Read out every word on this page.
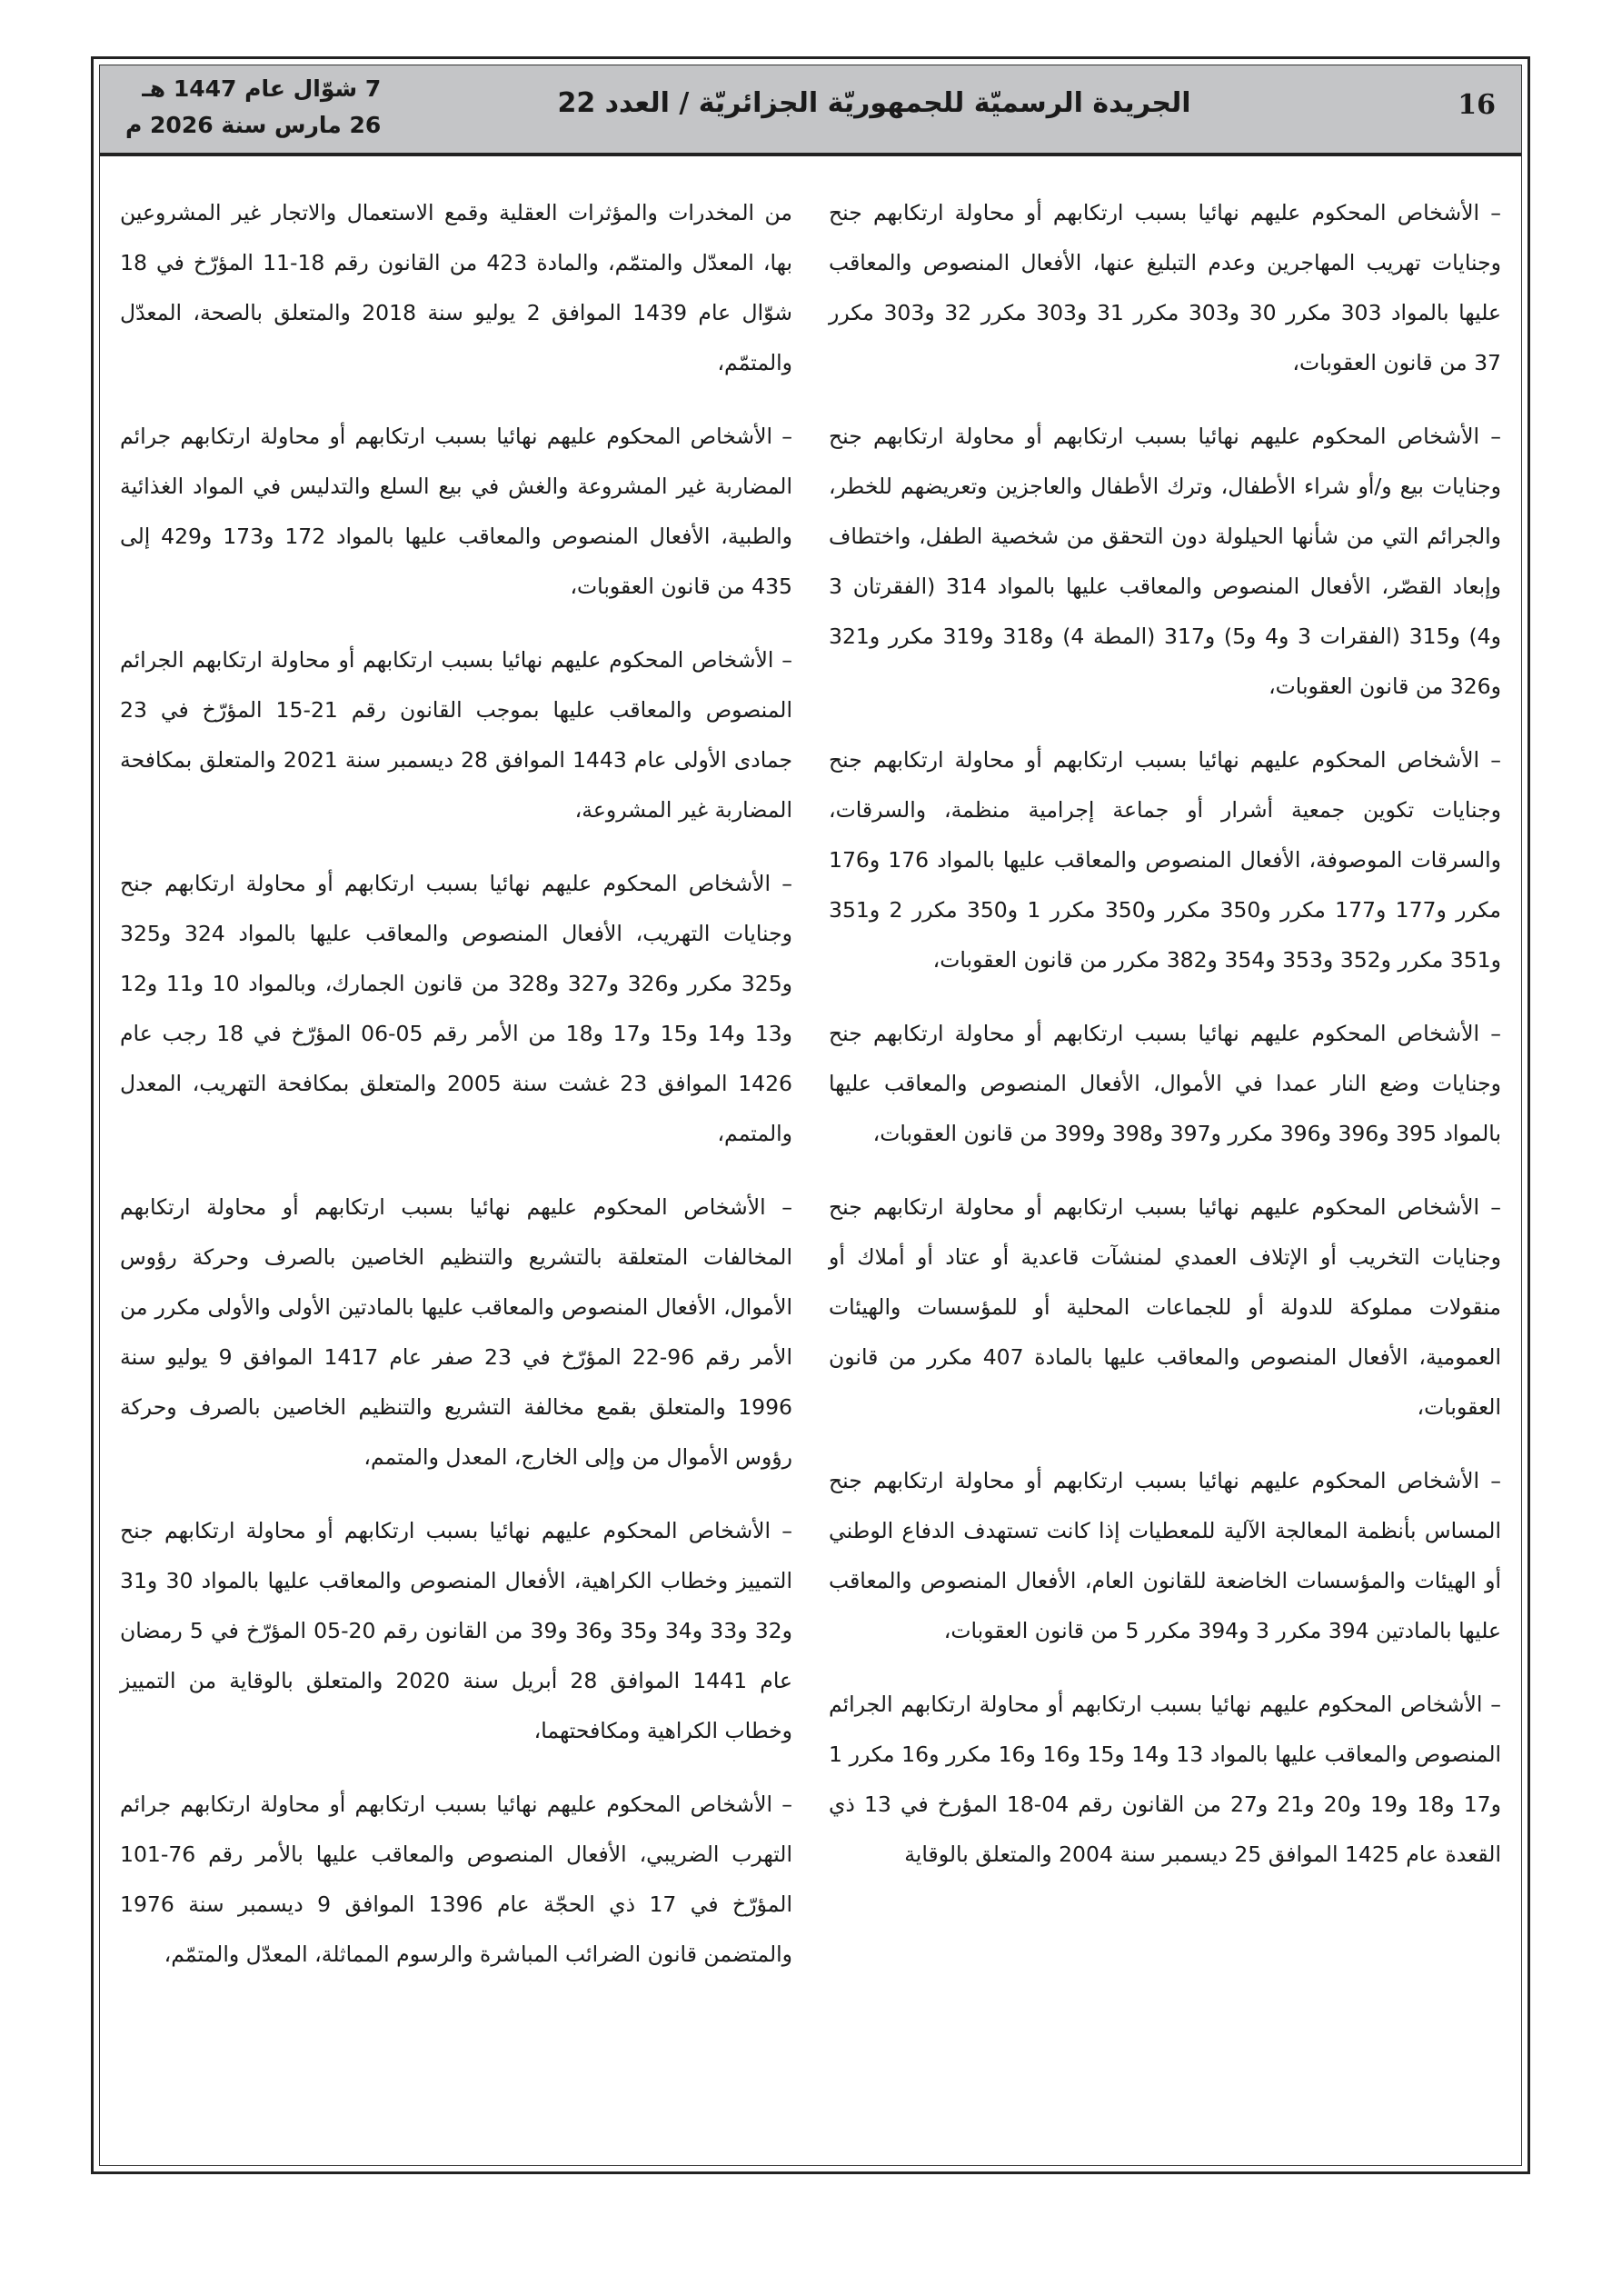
16
الجريدة الرسميّة للجمهوريّة الجزائريّة / العدد 22
7 شوّال عام 1447 هـ
26 مارس سنة 2026 م

– الأشخاص المحكوم عليهم نهائيا بسبب ارتكابهم أو محاولة ارتكابهم جنح وجنايات تهريب المهاجرين وعدم التبليغ عنها، الأفعال المنصوص والمعاقب عليها بالمواد 303 مكرر 30 و303 مكرر 31 و303 مكرر 32 و303 مكرر 37 من قانون العقوبات،

– الأشخاص المحكوم عليهم نهائيا بسبب ارتكابهم أو محاولة ارتكابهم جنح وجنايات بيع و/أو شراء الأطفال، وترك الأطفال والعاجزين وتعريضهم للخطر، والجرائم التي من شأنها الحيلولة دون التحقق من شخصية الطفل، واختطاف وإبعاد القصّر، الأفعال المنصوص والمعاقب عليها بالمواد 314 (الفقرتان 3 و4) و315 (الفقرات 3 و4 و5) و317 (المطة 4) و318 و319 مكرر و321 و326 من قانون العقوبات،

– الأشخاص المحكوم عليهم نهائيا بسبب ارتكابهم أو محاولة ارتكابهم جنح وجنايات تكوين جمعية أشرار أو جماعة إجرامية منظمة، والسرقات، والسرقات الموصوفة، الأفعال المنصوص والمعاقب عليها بالمواد 176 و176 مكرر و177 و177 مكرر و350 مكرر و350 مكرر 1 و350 مكرر 2 و351 و351 مكرر و352 و353 و354 و382 مكرر من قانون العقوبات،

– الأشخاص المحكوم عليهم نهائيا بسبب ارتكابهم أو محاولة ارتكابهم جنح وجنايات وضع النار عمدا في الأموال، الأفعال المنصوص والمعاقب عليها بالمواد 395 و396 و396 مكرر و397 و398 و399 من قانون العقوبات،

– الأشخاص المحكوم عليهم نهائيا بسبب ارتكابهم أو محاولة ارتكابهم جنح وجنايات التخريب أو الإتلاف العمدي لمنشآت قاعدية أو عتاد أو أملاك أو منقولات مملوكة للدولة أو للجماعات المحلية أو للمؤسسات والهيئات العمومية، الأفعال المنصوص والمعاقب عليها بالمادة 407 مكرر من قانون العقوبات،

– الأشخاص المحكوم عليهم نهائيا بسبب ارتكابهم أو محاولة ارتكابهم جنح المساس بأنظمة المعالجة الآلية للمعطيات إذا كانت تستهدف الدفاع الوطني أو الهيئات والمؤسسات الخاضعة للقانون العام، الأفعال المنصوص والمعاقب عليها بالمادتين 394 مكرر 3 و394 مكرر 5 من قانون العقوبات،

– الأشخاص المحكوم عليهم نهائيا بسبب ارتكابهم أو محاولة ارتكابهم الجرائم المنصوص والمعاقب عليها بالمواد 13 و14 و15 و16 و16 مكرر و16 مكرر 1 و17 و18 و19 و20 و21 و27 من القانون رقم 04-18 المؤرخ في 13 ذي القعدة عام 1425 الموافق 25 ديسمبر سنة 2004 والمتعلق بالوقاية

من المخدرات والمؤثرات العقلية وقمع الاستعمال والاتجار غير المشروعين بها، المعدّل والمتمّم، والمادة 423 من القانون رقم 18-11 المؤرّخ في 18 شوّال عام 1439 الموافق 2 يوليو سنة 2018 والمتعلق بالصحة، المعدّل والمتمّم،

– الأشخاص المحكوم عليهم نهائيا بسبب ارتكابهم أو محاولة ارتكابهم جرائم المضاربة غير المشروعة والغش في بيع السلع والتدليس في المواد الغذائية والطبية، الأفعال المنصوص والمعاقب عليها بالمواد 172 و173 و429 إلى 435 من قانون العقوبات،

– الأشخاص المحكوم عليهم نهائيا بسبب ارتكابهم أو محاولة ارتكابهم الجرائم المنصوص والمعاقب عليها بموجب القانون رقم 21-15 المؤرّخ في 23 جمادى الأولى عام 1443 الموافق 28 ديسمبر سنة 2021 والمتعلق بمكافحة المضاربة غير المشروعة،

– الأشخاص المحكوم عليهم نهائيا بسبب ارتكابهم أو محاولة ارتكابهم جنح وجنايات التهريب، الأفعال المنصوص والمعاقب عليها بالمواد 324 و325 و325 مكرر و326 و327 و328 من قانون الجمارك، وبالمواد 10 و11 و12 و13 و14 و15 و17 و18 من الأمر رقم 05-06 المؤرّخ في 18 رجب عام 1426 الموافق 23 غشت سنة 2005 والمتعلق بمكافحة التهريب، المعدل والمتمم،

– الأشخاص المحكوم عليهم نهائيا بسبب ارتكابهم أو محاولة ارتكابهم المخالفات المتعلقة بالتشريع والتنظيم الخاصين بالصرف وحركة رؤوس الأموال، الأفعال المنصوص والمعاقب عليها بالمادتين الأولى والأولى مكرر من الأمر رقم 96-22 المؤرّخ في 23 صفر عام 1417 الموافق 9 يوليو سنة 1996 والمتعلق بقمع مخالفة التشريع والتنظيم الخاصين بالصرف وحركة رؤوس الأموال من وإلى الخارج، المعدل والمتمم،

– الأشخاص المحكوم عليهم نهائيا بسبب ارتكابهم أو محاولة ارتكابهم جنح التمييز وخطاب الكراهية، الأفعال المنصوص والمعاقب عليها بالمواد 30 و31 و32 و33 و34 و35 و36 و39 من القانون رقم 20-05 المؤرّخ في 5 رمضان عام 1441 الموافق 28 أبريل سنة 2020 والمتعلق بالوقاية من التمييز وخطاب الكراهية ومكافحتهما،

– الأشخاص المحكوم عليهم نهائيا بسبب ارتكابهم أو محاولة ارتكابهم جرائم التهرب الضريبي، الأفعال المنصوص والمعاقب عليها بالأمر رقم 76-101 المؤرّخ في 17 ذي الحجّة عام 1396 الموافق 9 ديسمبر سنة 1976 والمتضمن قانون الضرائب المباشرة والرسوم المماثلة، المعدّل والمتمّم،
